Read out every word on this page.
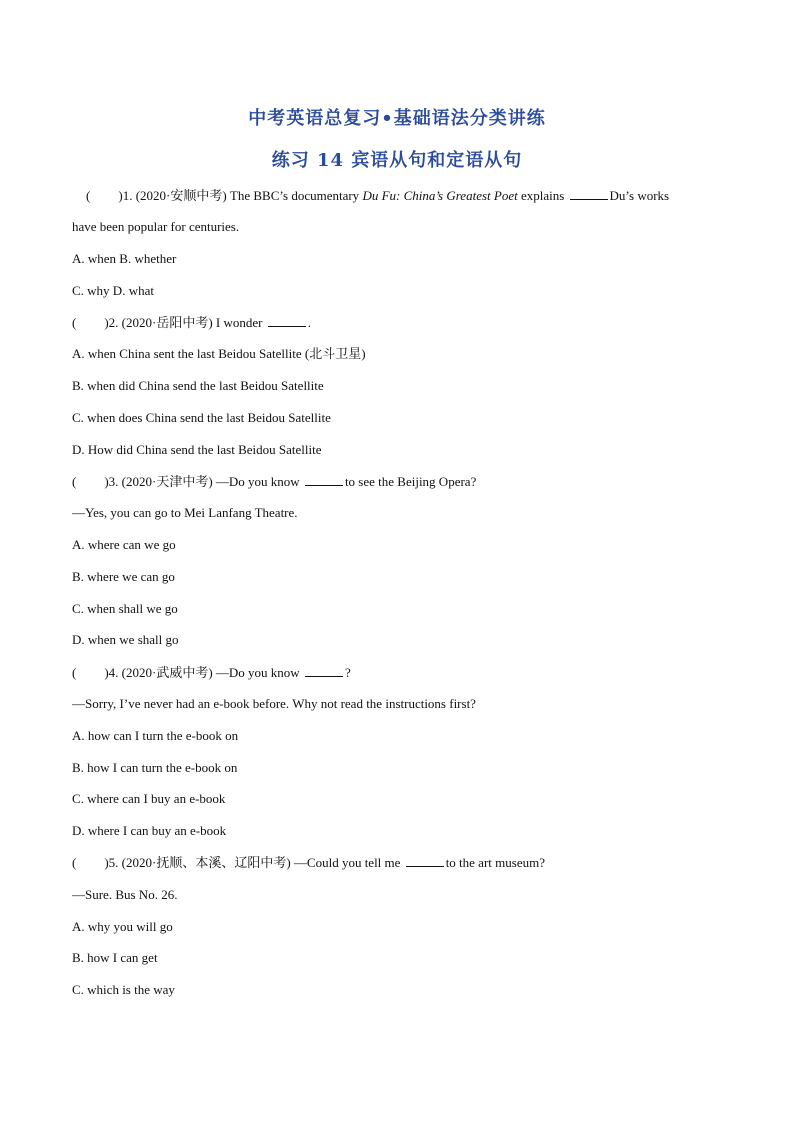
中考英语总复习•基础语法分类讲练
练习 14 宾语从句和定语从句
( )1. (2020·安顺中考) The BBC’s documentary Du Fu: China’s Greatest Poet explains	Du’s works
have been popular for centuries.
A. when B. whether
C. why D. what
( )2. (2020·岳阳中考) I wonder	.
A. when China sent the last Beidou Satellite (北斗卫星)
B. when did China send the last Beidou Satellite
C. when does China send the last Beidou Satellite
D. How did China send the last Beidou Satellite
( )3. (2020·天津中考) —Do you know	to see the Beijing Opera?
—Yes, you can go to Mei Lanfang Theatre.
A. where can we go
B. where we can go
C. when shall we go
D. when we shall go
( )4. (2020·武威中考) —Do you know	?
—Sorry, I’ve never had an e-book before. Why not read the instructions first?
A. how can I turn the e-book on
B. how I can turn the e-book on
C. where can I buy an e-book
D. where I can buy an e-book
( )5. (2020·抚顺、本溪、辽阳中考) —Could you tell me	to the art museum?
—Sure. Bus No. 26.
A. why you will go
B. how I can get
C. which is the way
